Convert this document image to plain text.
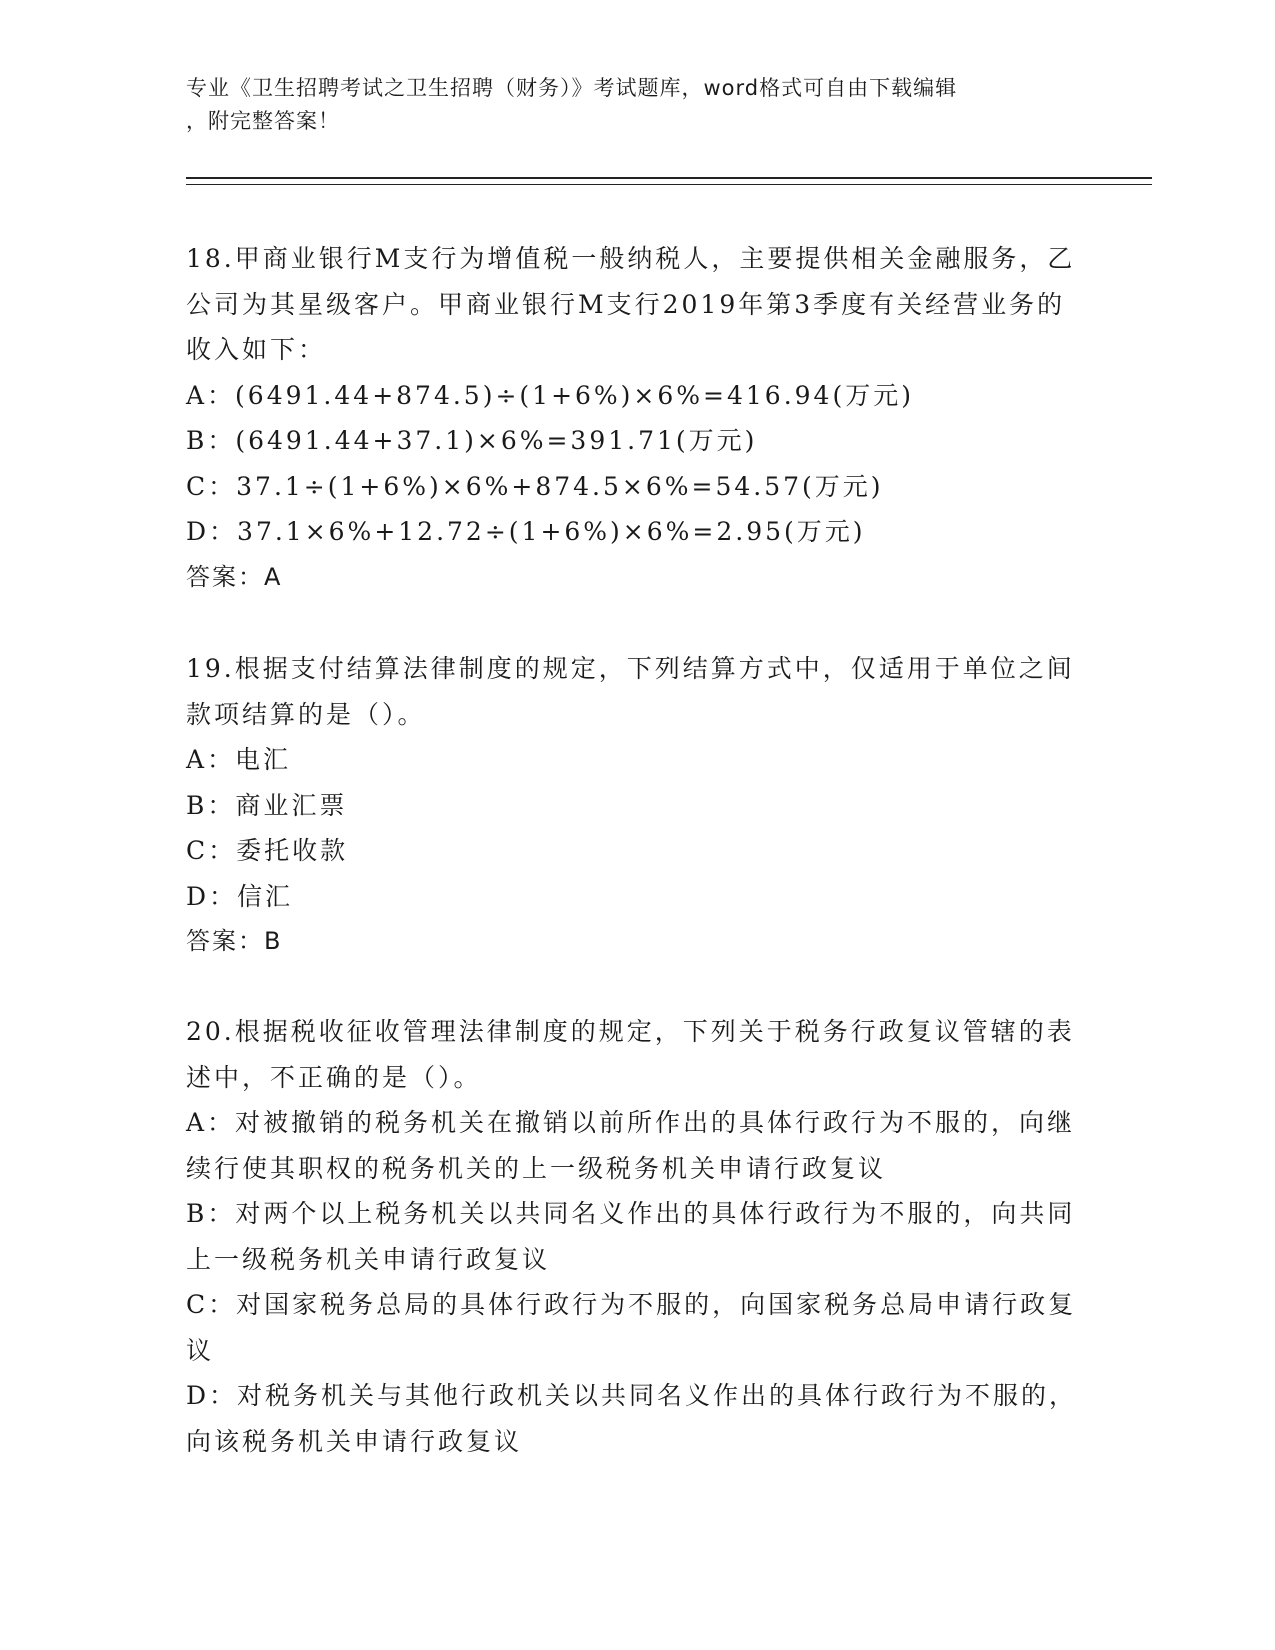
专业《卫生招聘考试之卫生招聘（财务）》考试题库，word格式可自由下载编辑
，附完整答案！

18.甲商业银行M支行为增值税一般纳税人，主要提供相关金融服务，乙公司为其星级客户。甲商业银行M支行2019年第3季度有关经营业务的收入如下：

A：(6491.44+874.5)÷(1+6%)×6%=416.94(万元)

B：(6491.44+37.1)×6%=391.71(万元)

C：37.1÷(1+6%)×6%+874.5×6%=54.57(万元)

D：37.1×6%+12.72÷(1+6%)×6%=2.95(万元)

答案：A

19.根据支付结算法律制度的规定，下列结算方式中，仅适用于单位之间款项结算的是（）。

A：电汇

B：商业汇票

C：委托收款

D：信汇

答案：B

20.根据税收征收管理法律制度的规定，下列关于税务行政复议管辖的表述中，不正确的是（）。

A：对被撤销的税务机关在撤销以前所作出的具体行政行为不服的，向继续行使其职权的税务机关的上一级税务机关申请行政复议

B：对两个以上税务机关以共同名义作出的具体行政行为不服的，向共同上一级税务机关申请行政复议

C：对国家税务总局的具体行政行为不服的，向国家税务总局申请行政复议

D：对税务机关与其他行政机关以共同名义作出的具体行政行为不服的，向该税务机关申请行政复议
